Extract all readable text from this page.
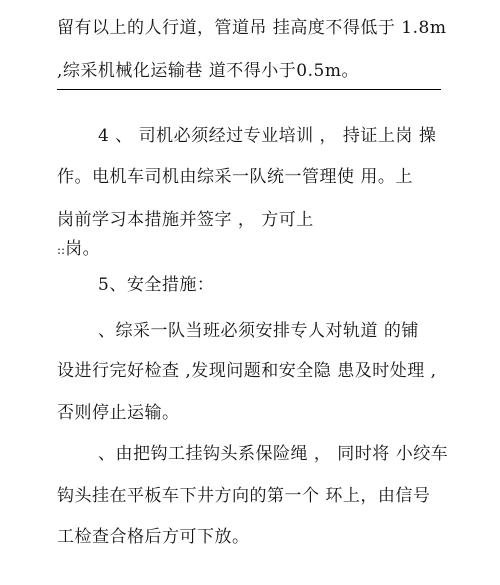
留有以上的人行道，管道吊 挂高度不得低于 1.8m
,综采机械化运输巷 道不得小于0.5m。
4 、 司机必须经过专业培训 ， 持证上岗 操
作。电机车司机由综采一队统一管理使 用。上
岗前学习本措施并签字 ， 方可上
::岗。
5、安全措施：
、综采一队当班必须安排专人对轨道 的铺
设进行完好检查 ,发现问题和安全隐 患及时处理 ,
否则停止运输。
、由把钩工挂钩头系保险绳 ， 同时将 小绞车
钩头挂在平板车下井方向的第一个 环上，由信号
工检查合格后方可下放。
